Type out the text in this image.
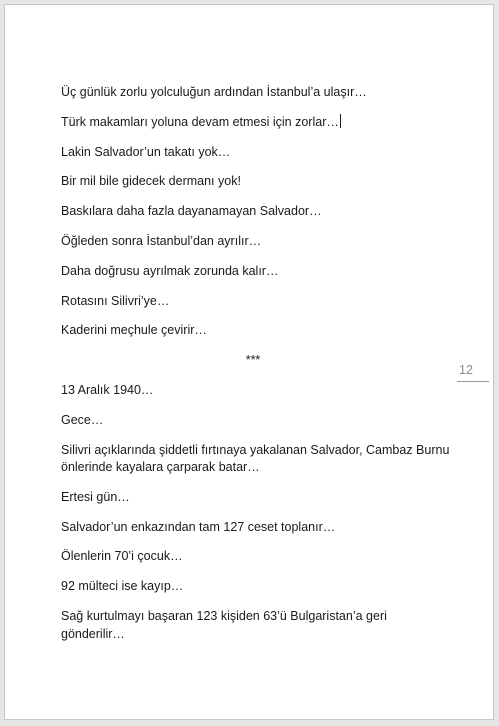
Üç günlük zorlu yolculuğun ardından İstanbul’a ulaşır…

Türk makamları yoluna devam etmesi için zorlar…

Lakin Salvador’un takatı yok…

Bir mil bile gidecek dermanı yok!

Baskılara daha fazla dayanamayan Salvador…

Öğleden sonra İstanbul’dan ayrılır…

Daha doğrusu ayrılmak zorunda kalır…

Rotasını Silivri’ye…

Kaderini meçhule çevirir…

***

13 Aralık 1940…

Gece…

Silivri açıklarında şiddetli fırtınaya yakalanan Salvador, Cambaz Burnu önlerinde kayalara çarparak batar…

Ertesi gün…

Salvador’un enkazından tam 127 ceset toplanır…

Ölenlerin 70’i çocuk…

92 mülteci ise kayıp…

Sağ kurtulmayı başaran 123 kişiden 63’ü Bulgaristan’a geri gönderilir…

12
